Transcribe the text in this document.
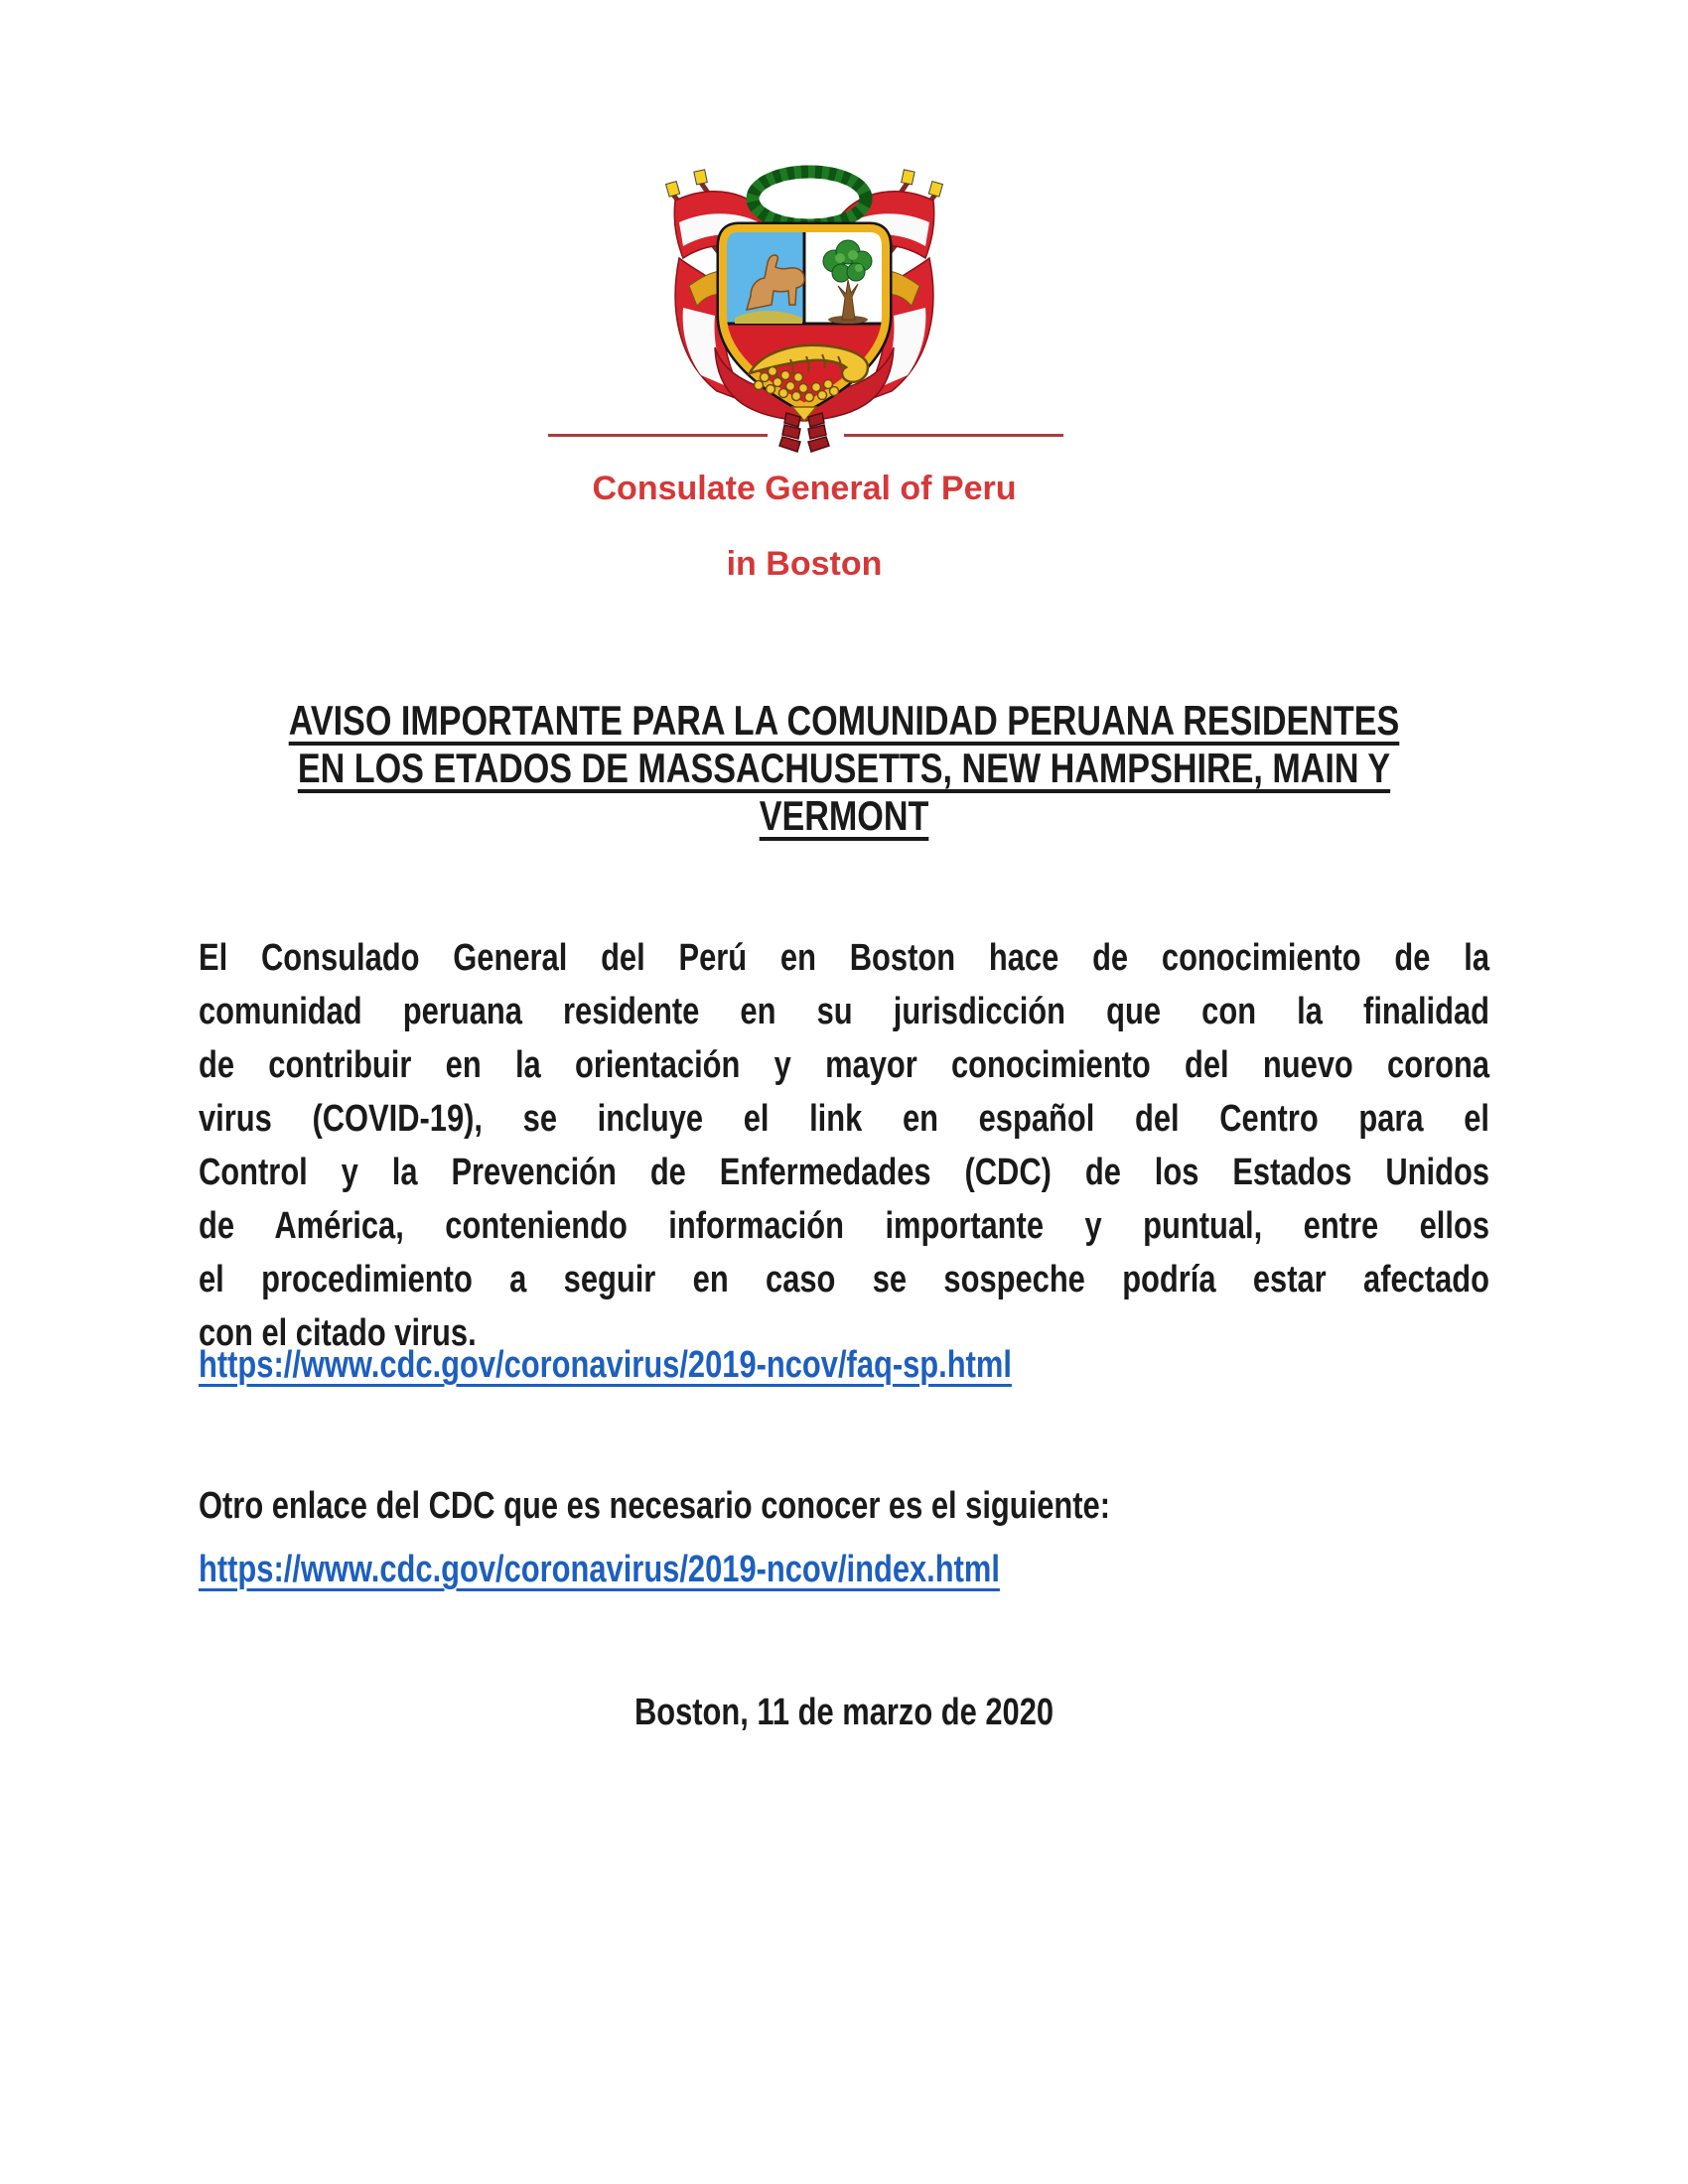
Consulate General of Peru
in Boston
AVISO IMPORTANTE PARA LA COMUNIDAD PERUANA RESIDENTES
EN LOS ETADOS DE MASSACHUSETTS, NEW HAMPSHIRE, MAIN Y
VERMONT
El Consulado General del Perú en Boston hace de conocimiento de la
comunidad peruana residente en su jurisdicción que con la finalidad
de contribuir en la orientación y mayor conocimiento del nuevo corona
virus (COVID-19), se incluye el link en español del Centro para el
Control y la Prevención de Enfermedades (CDC) de los Estados Unidos
de América, conteniendo información importante y puntual, entre ellos
el procedimiento a seguir en caso se sospeche podría estar afectado
con el citado virus.
https://www.cdc.gov/coronavirus/2019-ncov/faq-sp.html
Otro enlace del CDC que es necesario conocer es el siguiente:
https://www.cdc.gov/coronavirus/2019-ncov/index.html
Boston, 11 de marzo de 2020
